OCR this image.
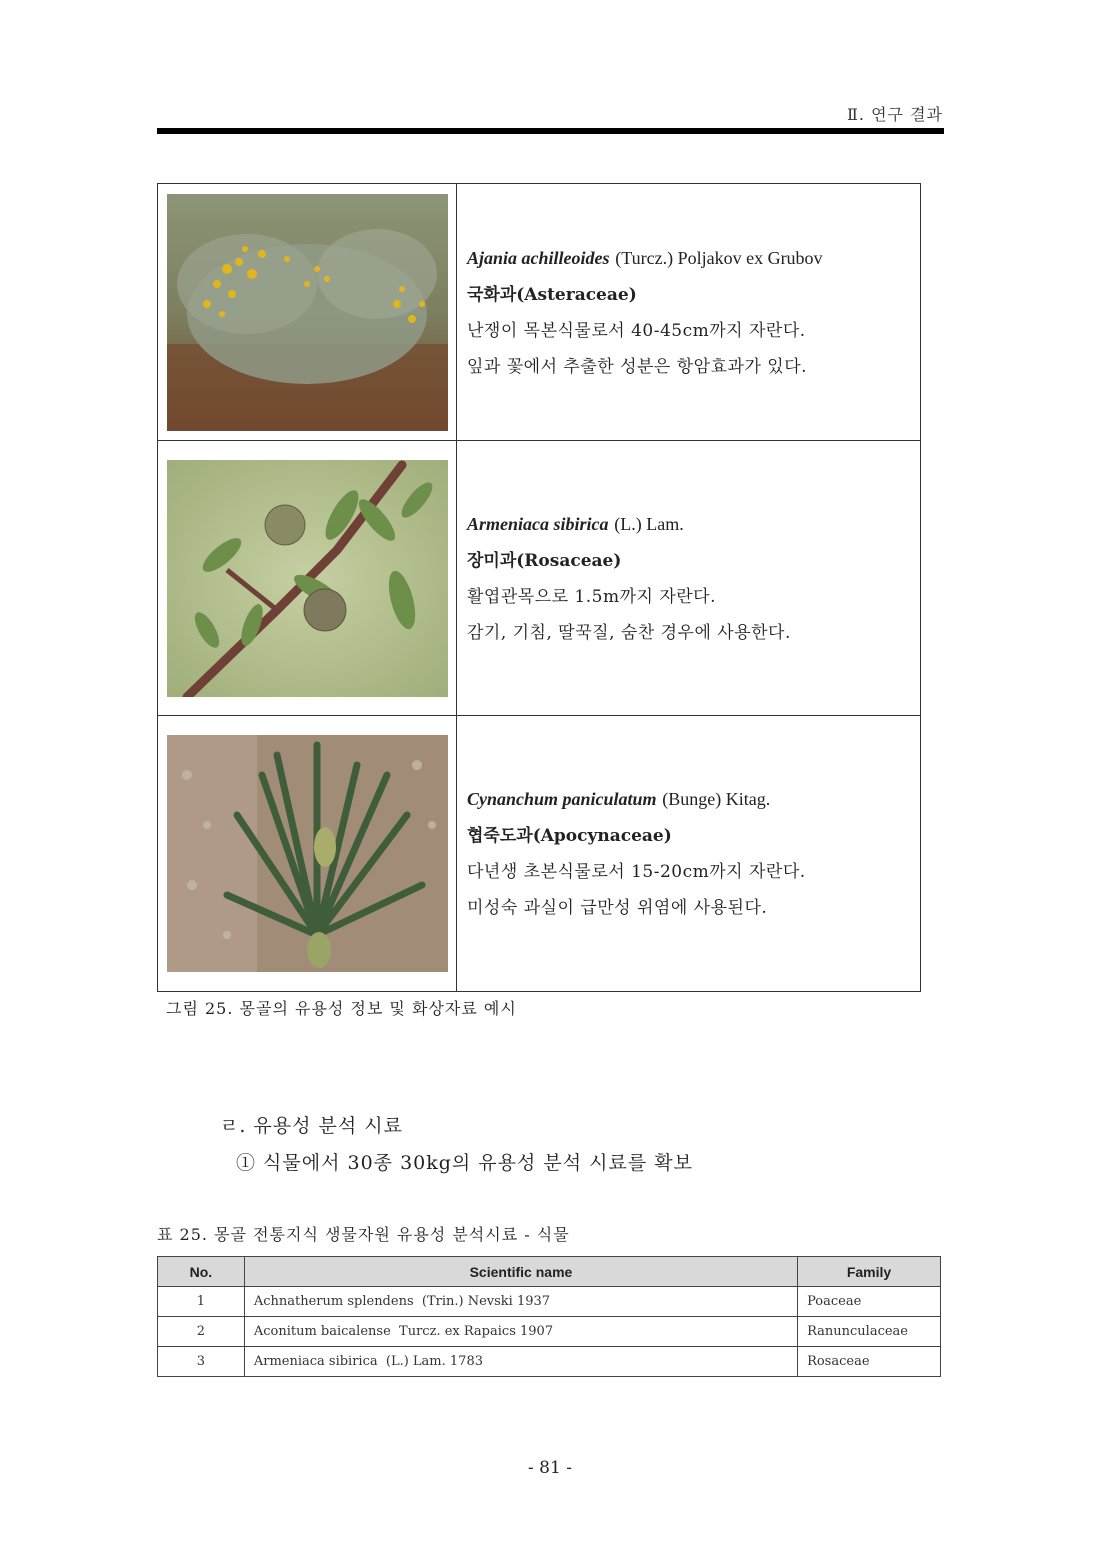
Ⅱ. 연구 결과
Ajania achilleoides (Turcz.) Poljakov ex Grubov
국화과(Asteraceae)
난쟁이 목본식물로서 40-45cm까지 자란다.
잎과 꽃에서 추출한 성분은 항암효과가 있다.
Armeniaca sibirica (L.) Lam.
장미과(Rosaceae)
활엽관목으로 1.5m까지 자란다.
감기, 기침, 딸꾹질, 숨찬 경우에 사용한다.
Cynanchum paniculatum (Bunge) Kitag.
협죽도과(Apocynaceae)
다년생 초본식물로서 15-20cm까지 자란다.
미성숙 과실이 급만성 위염에 사용된다.
그림 25. 몽골의 유용성 정보 및 화상자료 예시
ㄹ. 유용성 분석 시료
① 식물에서 30종 30kg의 유용성 분석 시료를 확보
표 25. 몽골 전통지식 생물자원 유용성 분석시료 - 식물
No.	Scientific name	Family
1	Achnatherum splendens  (Trin.) Nevski 1937	Poaceae
2	Aconitum baicalense  Turcz. ex Rapaics 1907	Ranunculaceae
3	Armeniaca sibirica  (L.) Lam. 1783	Rosaceae
- 81 -
